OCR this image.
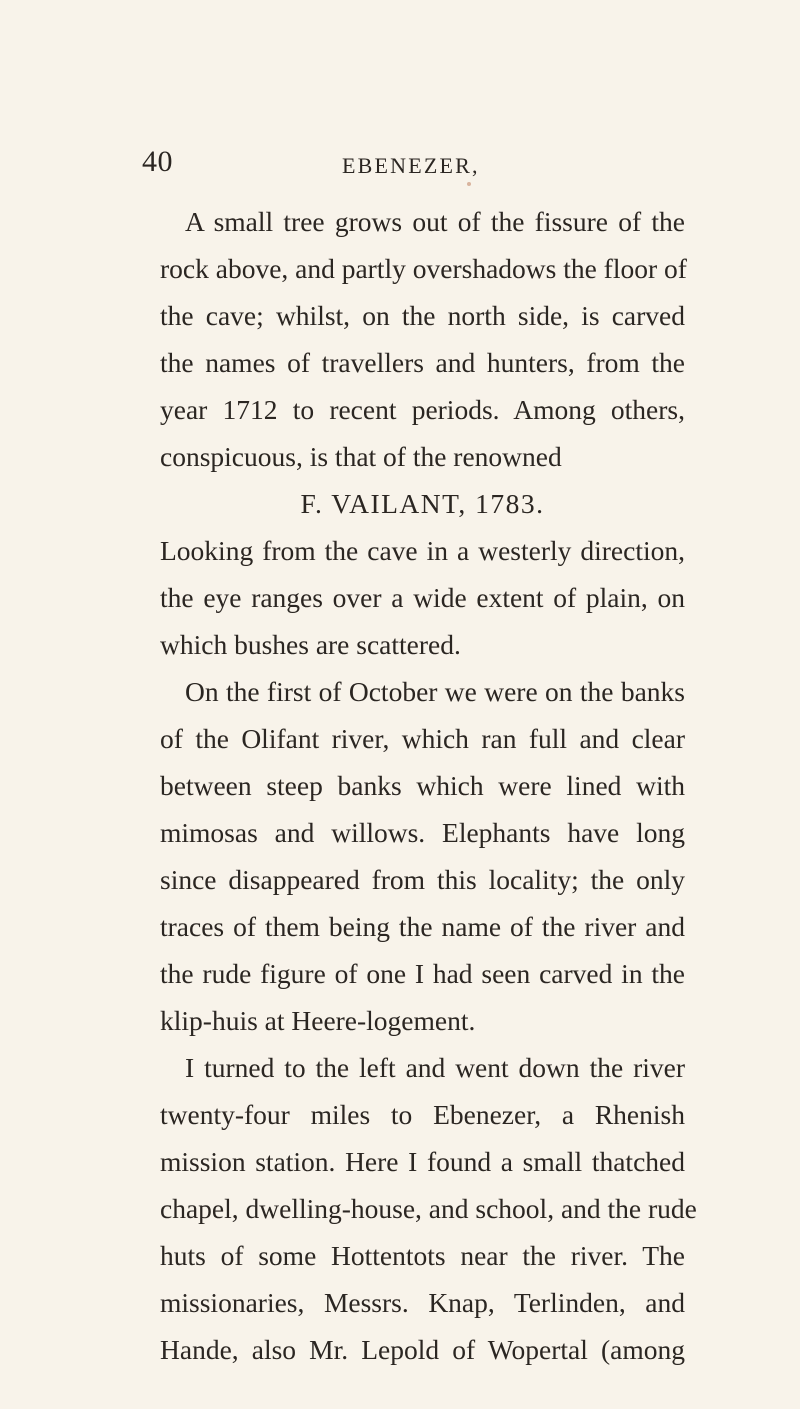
40	EBENEZER,
A small tree grows out of the fissure of the
rock above, and partly overshadows the floor of
the cave; whilst, on the north side, is carved
the names of travellers and hunters, from the
year 1712 to recent periods. Among others,
conspicuous, is that of the renowned
F. VAILANT, 1783.
Looking from the cave in a westerly direction,
the eye ranges over a wide extent of plain, on
which bushes are scattered.
On the first of October we were on the banks
of the Olifant river, which ran full and clear
between steep banks which were lined with
mimosas and willows. Elephants have long
since disappeared from this locality; the only
traces of them being the name of the river and
the rude figure of one I had seen carved in the
klip-huis at Heere-logement.
I turned to the left and went down the river
twenty-four miles to Ebenezer, a Rhenish
mission station. Here I found a small thatched
chapel, dwelling-house, and school, and the rude
huts of some Hottentots near the river. The
missionaries, Messrs. Knap, Terlinden, and
Hande, also Mr. Lepold of Wopertal (among
